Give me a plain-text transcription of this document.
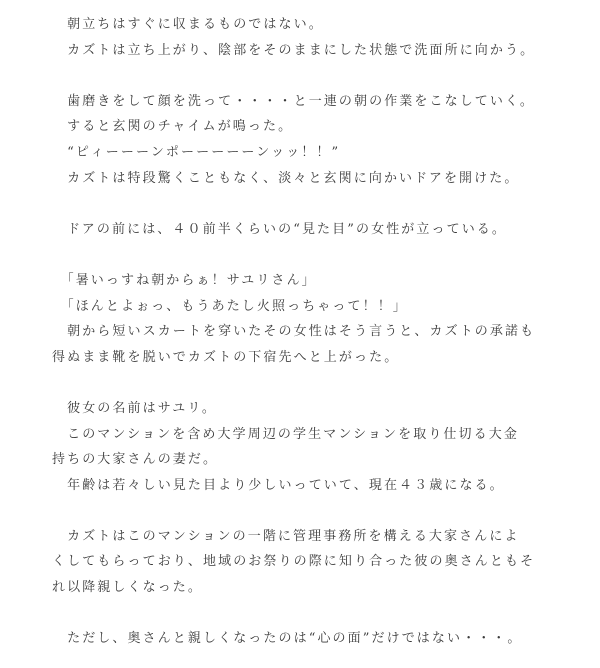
　朝立ちはすぐに収まるものではない。
　カズトは立ち上がり、陰部をそのままにした状態で洗面所に向かう。
　歯磨きをして顔を洗って・・・・と一連の朝の作業をこなしていく。
　すると玄関のチャイムが鳴った。
　“ピィーーーンポーーーーーンッッ！！”
　カズトは特段驚くこともなく、淡々と玄関に向かいドアを開けた。
　ドアの前には、４０前半くらいの“見た目”の女性が立っている。
　「暑いっすね朝からぁ！サユリさん」
　「ほんとよぉっ、もうあたし火照っちゃって！！」
　朝から短いスカートを穿いたその女性はそう言うと、カズトの承諾も
得ぬまま靴を脱いでカズトの下宿先へと上がった。
　彼女の名前はサユリ。
　このマンションを含め大学周辺の学生マンションを取り仕切る大金
持ちの大家さんの妻だ。
　年齢は若々しい見た目より少しいっていて、現在４３歳になる。
　カズトはこのマンションの一階に管理事務所を構える大家さんによ
くしてもらっており、地域のお祭りの際に知り合った彼の奥さんともそ
れ以降親しくなった。
　ただし、奥さんと親しくなったのは“心の面”だけではない・・・。
